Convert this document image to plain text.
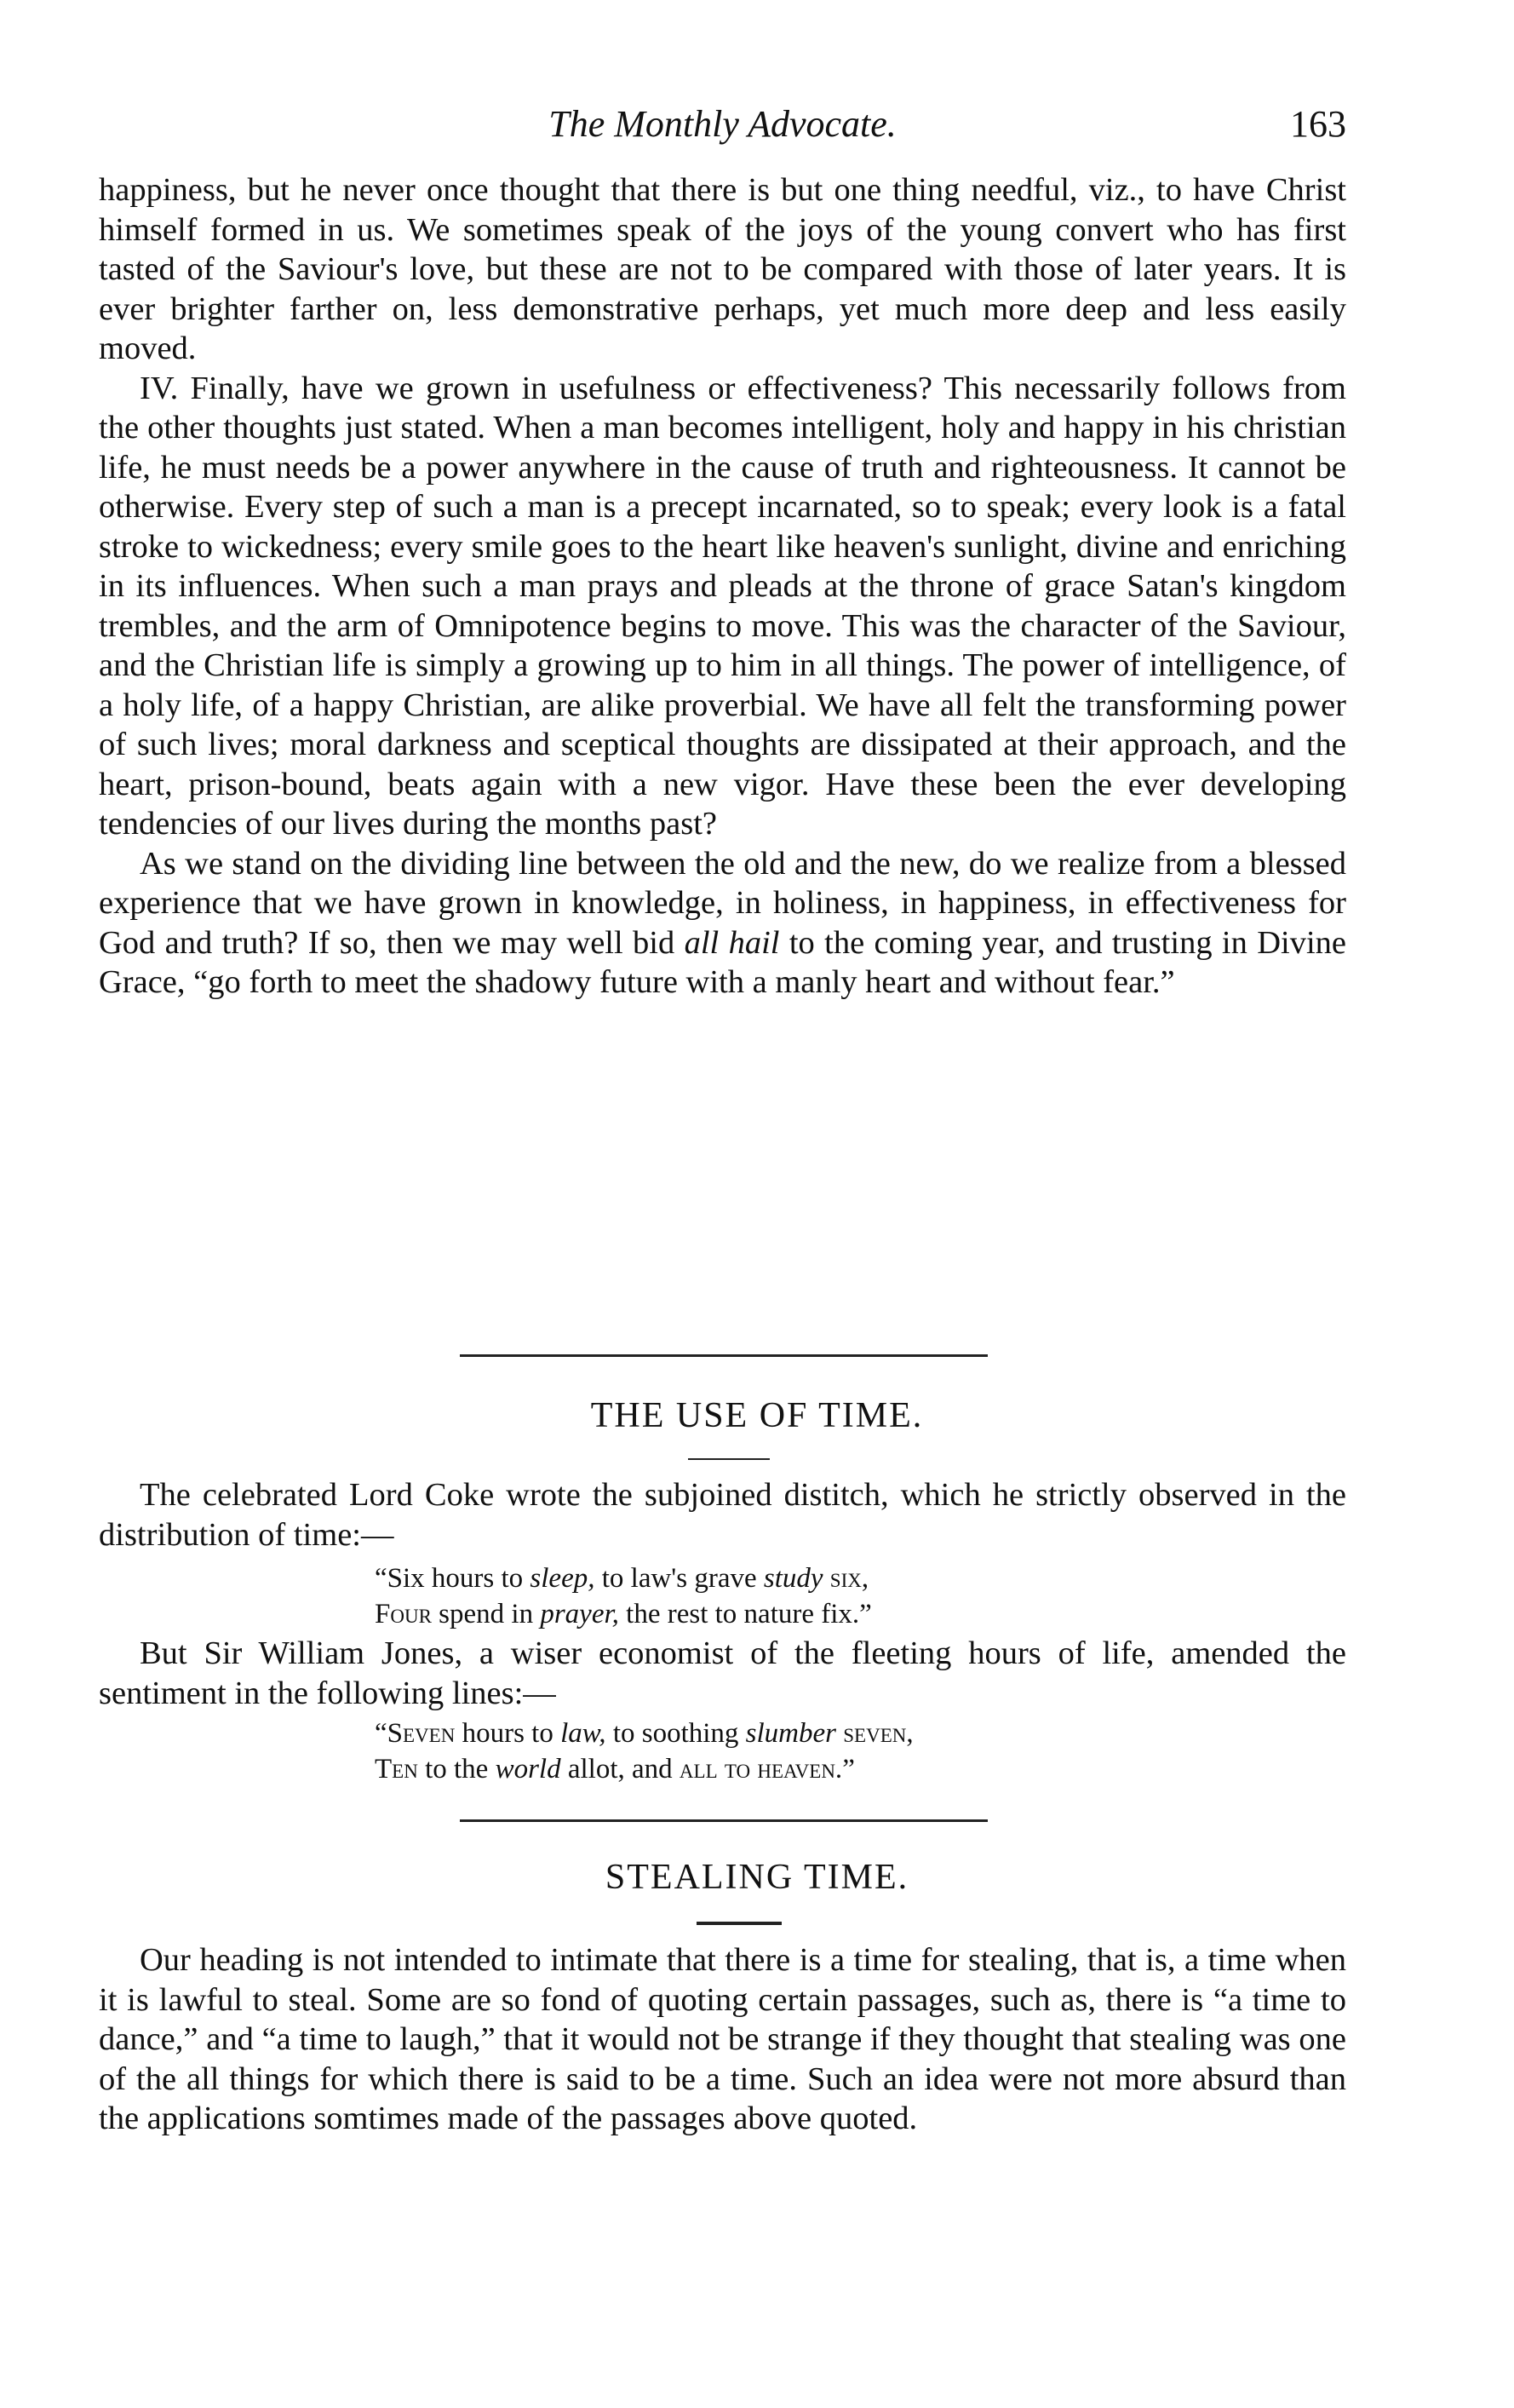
The Monthly Advocate.	163

happiness, but he never once thought that there is but one thing needful, viz., to have Christ himself formed in us. We sometimes speak of the joys of the young convert who has first tasted of the Saviour's love, but these are not to be compared with those of later years. It is ever brighter farther on, less demonstrative perhaps, yet much more deep and less easily moved.

IV. Finally, have we grown in usefulness or effectiveness? This necessarily follows from the other thoughts just stated. When a man becomes intelligent, holy and happy in his christian life, he must needs be a power anywhere in the cause of truth and righteousness. It cannot be otherwise. Every step of such a man is a precept incarnated, so to speak; every look is a fatal stroke to wickedness; every smile goes to the heart like heaven's sunlight, divine and enriching in its influences. When such a man prays and pleads at the throne of grace Satan's kingdom trembles, and the arm of Omnipotence begins to move. This was the character of the Saviour, and the Christian life is simply a growing up to him in all things. The power of intelligence, of a holy life, of a happy Christian, are alike proverbial. We have all felt the transforming power of such lives; moral darkness and sceptical thoughts are dissipated at their approach, and the heart, prison-bound, beats again with a new vigor. Have these been the ever developing tendencies of our lives during the months past?

As we stand on the dividing line between the old and the new, do we realize from a blessed experience that we have grown in knowledge, in holiness, in happiness, in effectiveness for God and truth? If so, then we may well bid all hail to the coming year, and trusting in Divine Grace, “go forth to meet the shadowy future with a manly heart and without fear.”

THE USE OF TIME.
The celebrated Lord Coke wrote the subjoined distitch, which he strictly observed in the distribution of time:—
“Six hours to sleep, to law's grave study six,
Four spend in prayer, the rest to nature fix.”
But Sir William Jones, a wiser economist of the fleeting hours of life, amended the sentiment in the following lines:—
“Seven hours to law, to soothing slumber seven,
Ten to the world allot, and all to heaven.”
STEALING TIME.
Our heading is not intended to intimate that there is a time for stealing, that is, a time when it is lawful to steal. Some are so fond of quoting certain passages, such as, there is “a time to dance,” and “a time to laugh,” that it would not be strange if they thought that stealing was one of the all things for which there is said to be a time. Such an idea were not more absurd than the applications somtimes made of the passages above quoted.
